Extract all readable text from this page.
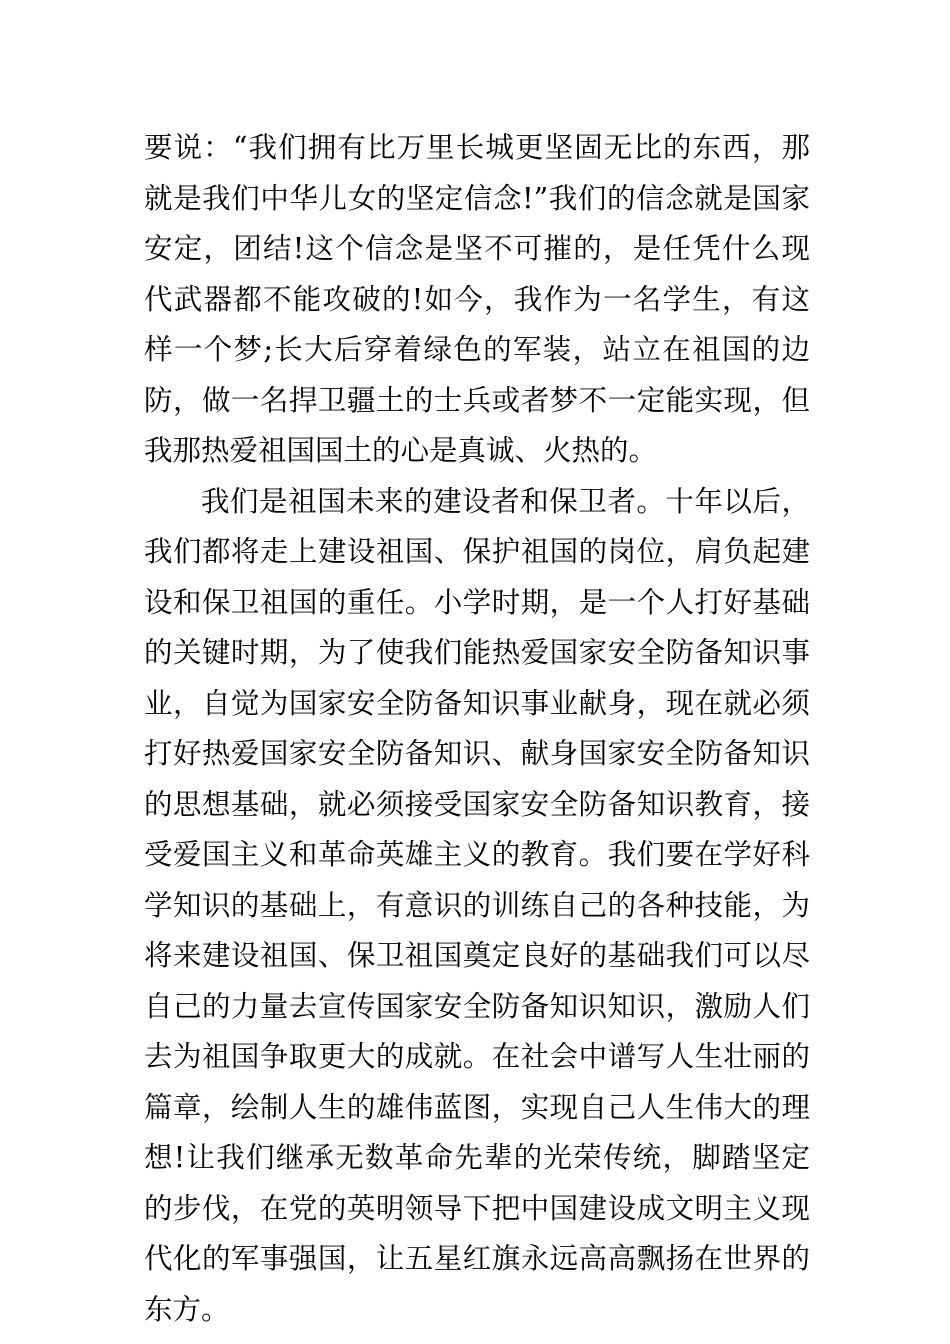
要说：“我们拥有比万里长城更坚固无比的东西，那就是我们中华儿女的坚定信念!”我们的信念就是国家安定，团结!这个信念是坚不可摧的，是任凭什么现代武器都不能攻破的!如今，我作为一名学生，有这样一个梦;长大后穿着绿色的军装，站立在祖国的边防，做一名捍卫疆土的士兵或者梦不一定能实现，但我那热爱祖国国土的心是真诚、火热的。

我们是祖国未来的建设者和保卫者。十年以后，我们都将走上建设祖国、保护祖国的岗位，肩负起建设和保卫祖国的重任。小学时期，是一个人打好基础的关键时期，为了使我们能热爱国家安全防备知识事业，自觉为国家安全防备知识事业献身，现在就必须打好热爱国家安全防备知识、献身国家安全防备知识的思想基础，就必须接受国家安全防备知识教育，接受爱国主义和革命英雄主义的教育。我们要在学好科学知识的基础上，有意识的训练自己的各种技能，为将来建设祖国、保卫祖国奠定良好的基础我们可以尽自己的力量去宣传国家安全防备知识知识，激励人们去为祖国争取更大的成就。在社会中谱写人生壮丽的篇章，绘制人生的雄伟蓝图，实现自己人生伟大的理想!让我们继承无数革命先辈的光荣传统，脚踏坚定的步伐，在党的英明领导下把中国建设成文明主义现代化的军事强国，让五星红旗永远高高飘扬在世界的东方。
